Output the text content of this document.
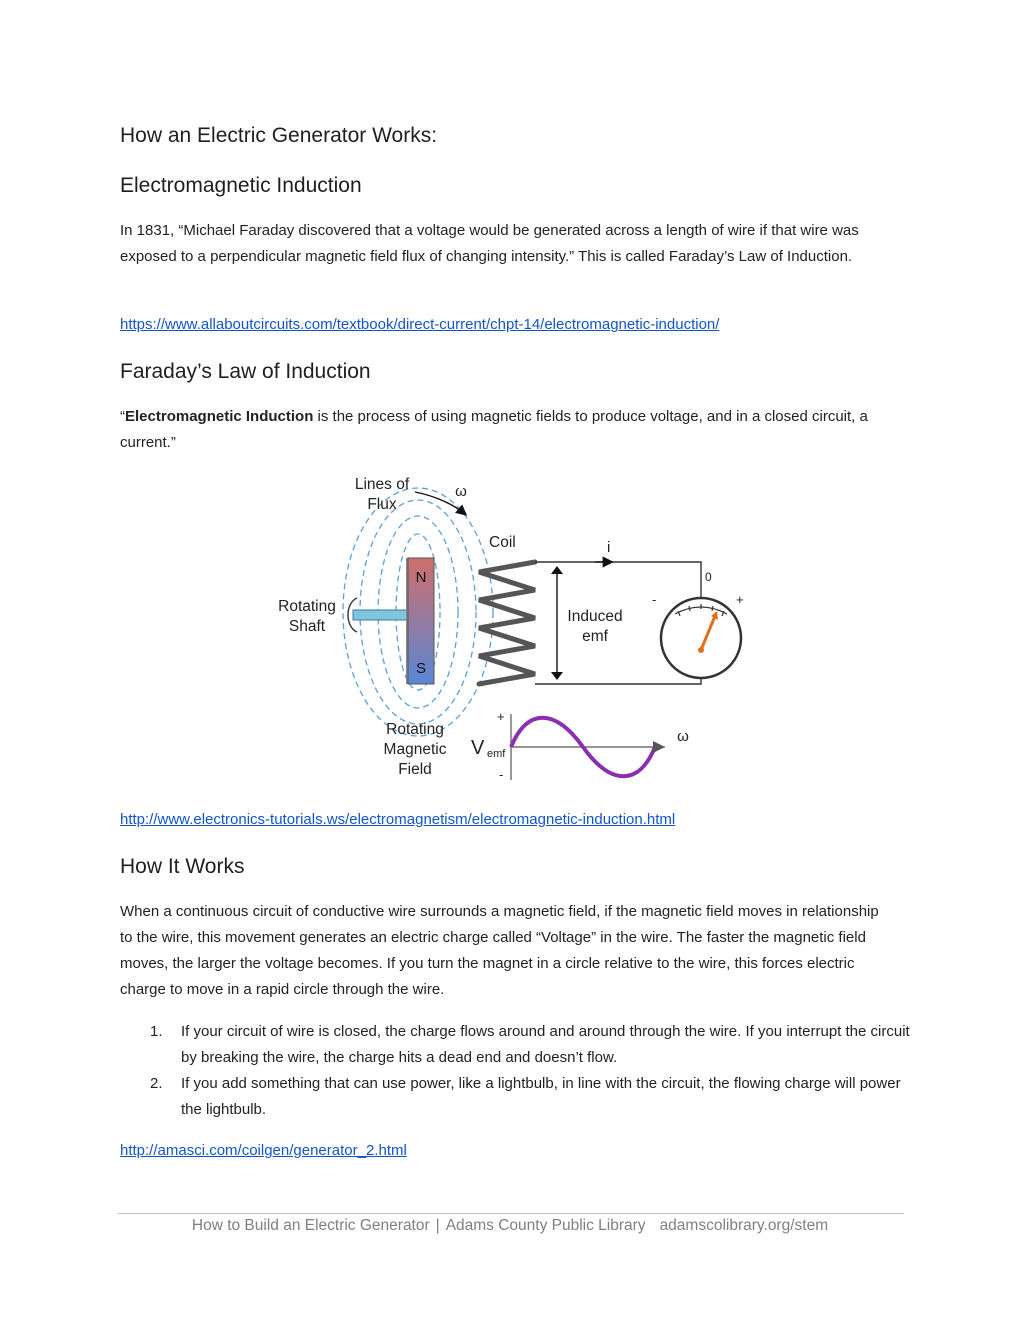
How an Electric Generator Works:
Electromagnetic Induction
In 1831, “Michael Faraday discovered that a voltage would be generated across a length of wire if that wire was exposed to a perpendicular magnetic field flux of changing intensity.” This is called Faraday’s Law of Induction.
https://www.allaboutcircuits.com/textbook/direct-current/chpt-14/electromagnetic-induction/
Faraday’s Law of Induction
“Electromagnetic Induction is the process of using magnetic fields to produce voltage, and in a closed circuit, a current.”
N
S
Lines of
Flux
ω
Coil	i
0
-	+
Rotating
Shaft
Induced
emf
Rotating
Magnetic
Field
V emf
+
-
ω
http://www.electronics-tutorials.ws/electromagnetism/electromagnetic-induction.html
How It Works
When a continuous circuit of conductive wire surrounds a magnetic field, if the magnetic field moves in relationship to the wire, this movement generates an electric charge called “Voltage” in the wire. The faster the magnetic field moves, the larger the voltage becomes. If you turn the magnet in a circle relative to the wire, this forces electric charge to move in a rapid circle through the wire.
1. If your circuit of wire is closed, the charge flows around and around through the wire. If you interrupt the circuit by breaking the wire, the charge hits a dead end and doesn’t flow.
2. If you add something that can use power, like a lightbulb, in line with the circuit, the flowing charge will power the lightbulb.
http://amasci.com/coilgen/generator_2.html
How to Build an Electric Generator | Adams County Public Library adamscolibrary.org/stem
